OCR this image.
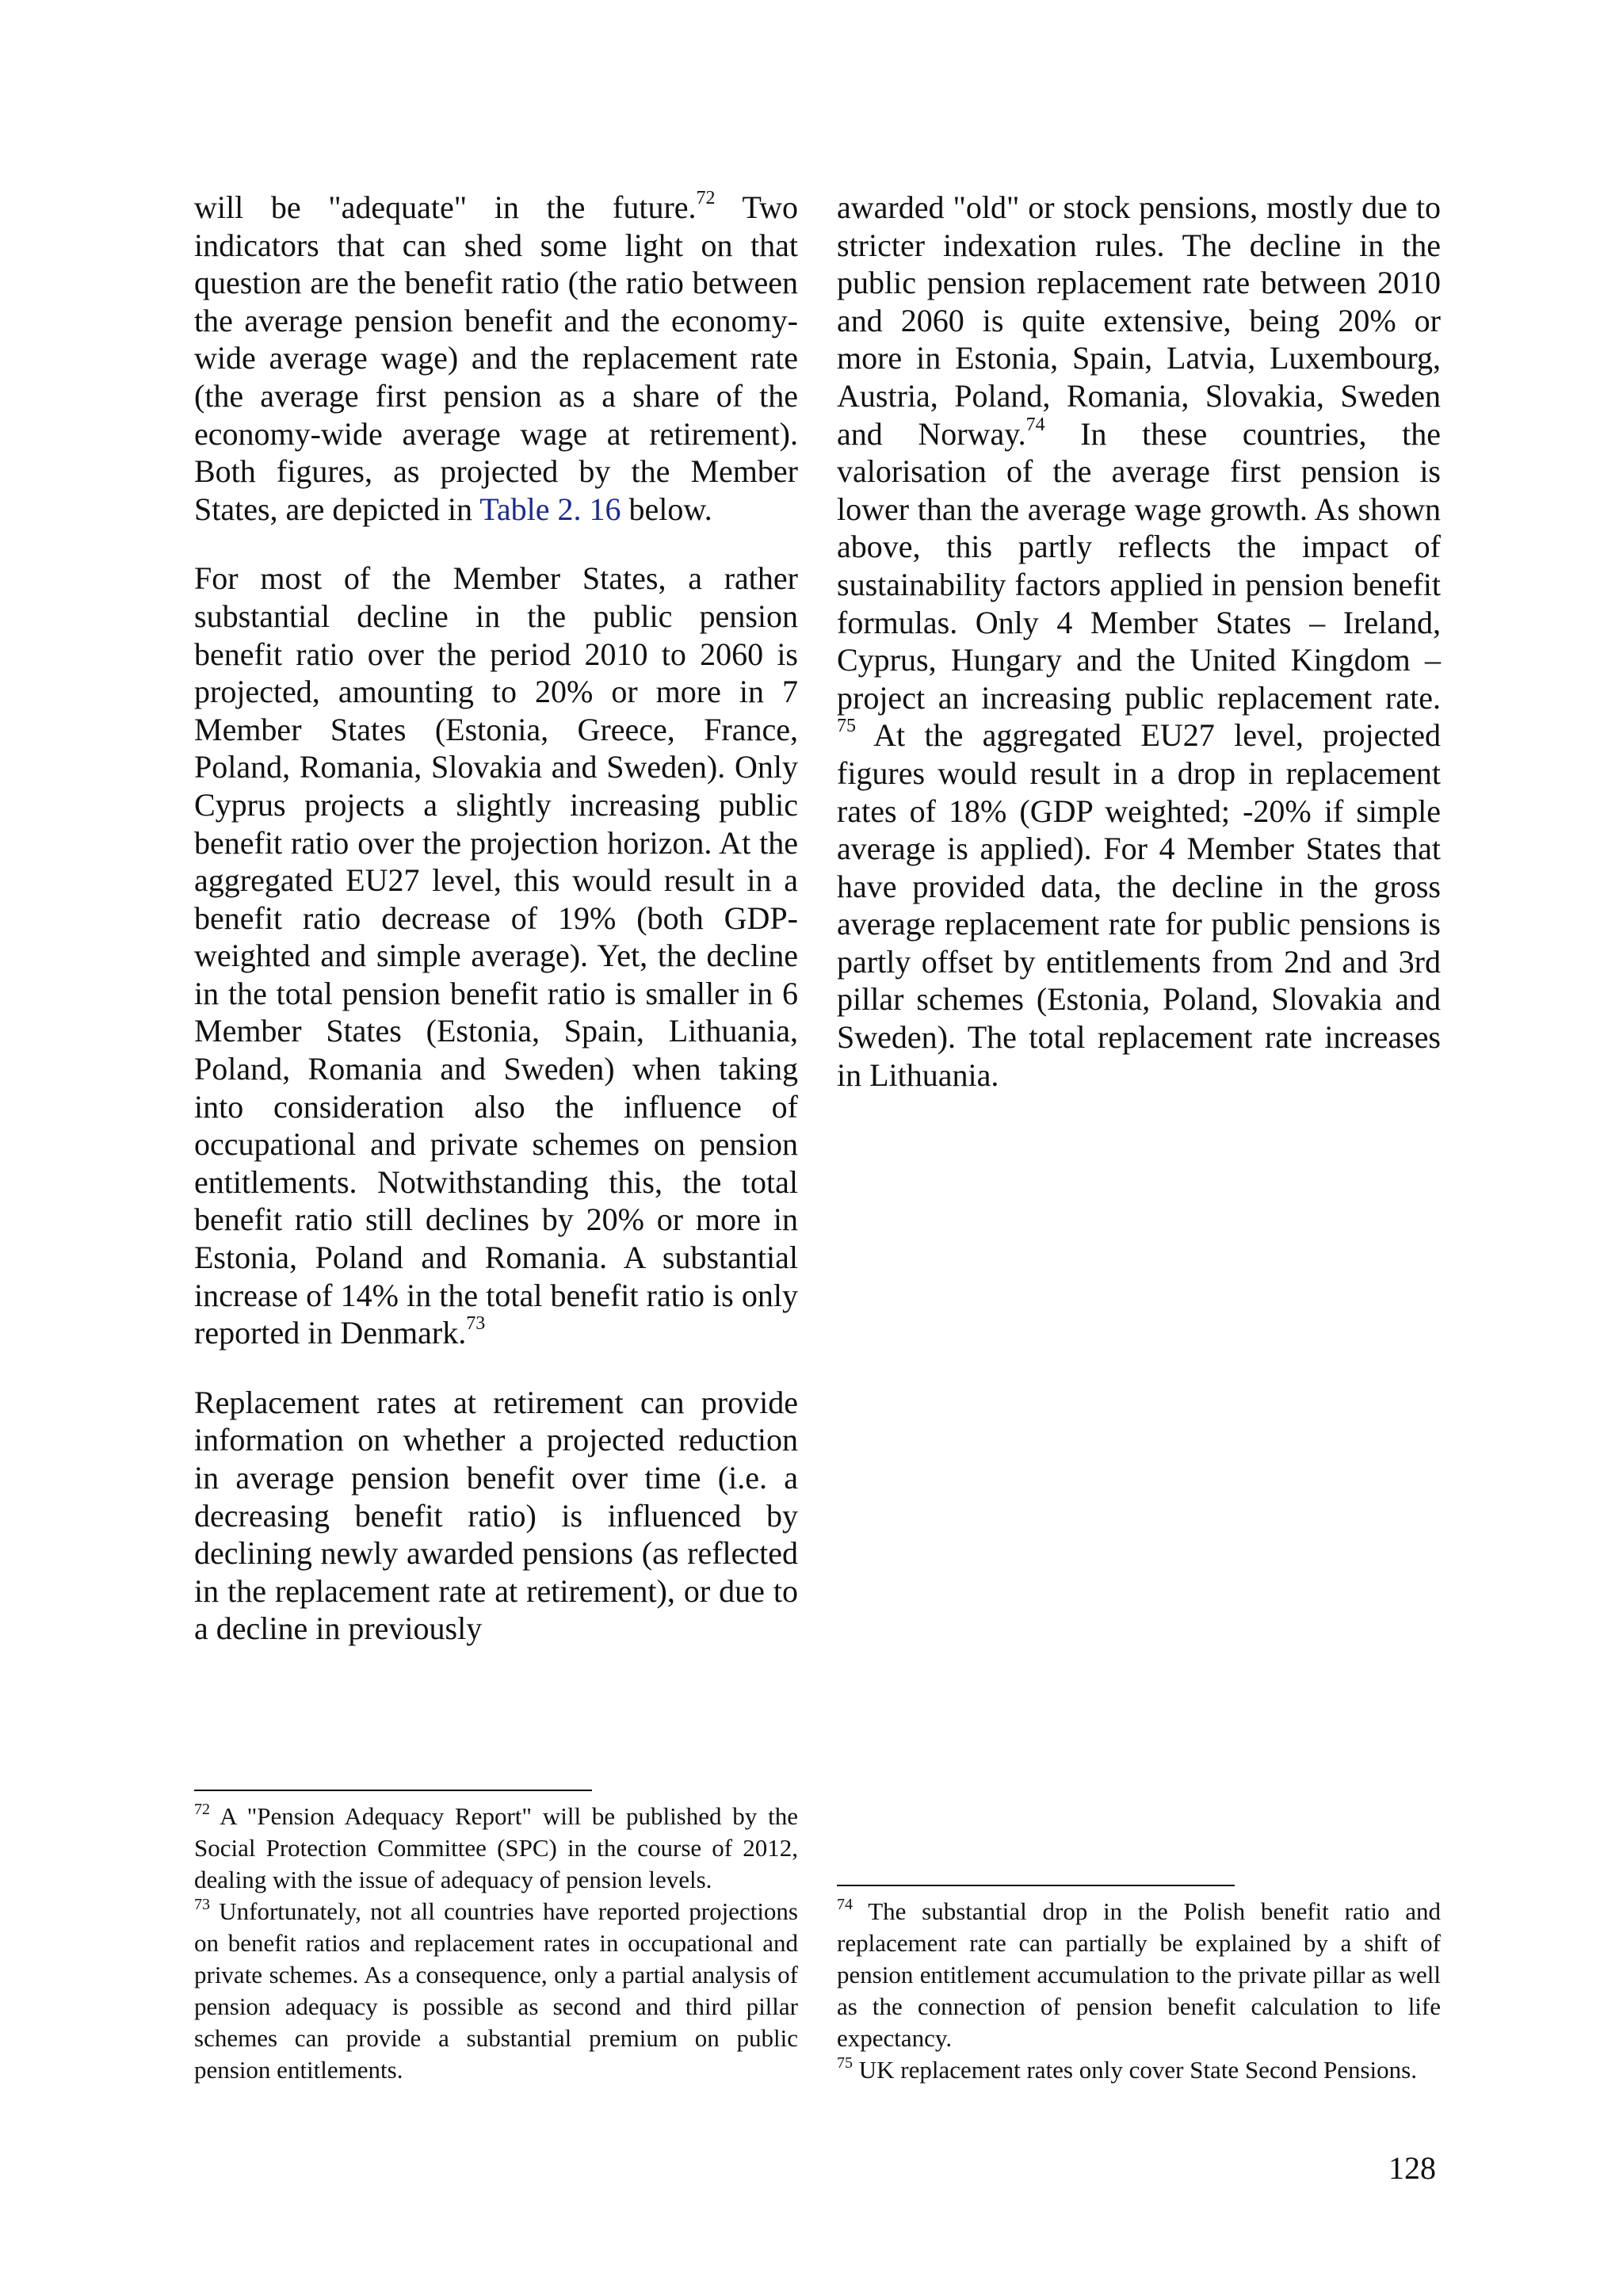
will be "adequate" in the future.$^{72}$ Two indicators that can shed some light on that question are the benefit ratio (the ratio between the average pension benefit and the economy-wide average wage) and the replacement rate (the average first pension as a share of the economy-wide average wage at retirement). Both figures, as projected by the Member States, are depicted in Table 2. 16 below.

For most of the Member States, a rather substantial decline in the public pension benefit ratio over the period 2010 to 2060 is projected, amounting to 20% or more in 7 Member States (Estonia, Greece, France, Poland, Romania, Slovakia and Sweden). Only Cyprus projects a slightly increasing public benefit ratio over the projection horizon. At the aggregated EU27 level, this would result in a benefit ratio decrease of 19% (both GDP-weighted and simple average). Yet, the decline in the total pension benefit ratio is smaller in 6 Member States (Estonia, Spain, Lithuania, Poland, Romania and Sweden) when taking into consideration also the influence of occupational and private schemes on pension entitlements. Notwithstanding this, the total benefit ratio still declines by 20% or more in Estonia, Poland and Romania. A substantial increase of 14% in the total benefit ratio is only reported in Denmark.$^{73}$

Replacement rates at retirement can provide information on whether a projected reduction in average pension benefit over time (i.e. a decreasing benefit ratio) is influenced by declining newly awarded pensions (as reflected in the replacement rate at retirement), or due to a decline in previously

awarded "old" or stock pensions, mostly due to stricter indexation rules. The decline in the public pension replacement rate between 2010 and 2060 is quite extensive, being 20% or more in Estonia, Spain, Latvia, Luxembourg, Austria, Poland, Romania, Slovakia, Sweden and Norway.$^{74}$ In these countries, the valorisation of the average first pension is lower than the average wage growth. As shown above, this partly reflects the impact of sustainability factors applied in pension benefit formulas. Only 4 Member States – Ireland, Cyprus, Hungary and the United Kingdom – project an increasing public replacement rate. $^{75}$ At the aggregated EU27 level, projected figures would result in a drop in replacement rates of 18% (GDP weighted; -20% if simple average is applied). For 4 Member States that have provided data, the decline in the gross average replacement rate for public pensions is partly offset by entitlements from 2nd and 3rd pillar schemes (Estonia, Poland, Slovakia and Sweden). The total replacement rate increases in Lithuania.

$^{72}$ A "Pension Adequacy Report" will be published by the Social Protection Committee (SPC) in the course of 2012, dealing with the issue of adequacy of pension levels.

$^{73}$ Unfortunately, not all countries have reported projections on benefit ratios and replacement rates in occupational and private schemes. As a consequence, only a partial analysis of pension adequacy is possible as second and third pillar schemes can provide a substantial premium on public pension entitlements.

$^{74}$ The substantial drop in the Polish benefit ratio and replacement rate can partially be explained by a shift of pension entitlement accumulation to the private pillar as well as the connection of pension benefit calculation to life expectancy.

$^{75}$ UK replacement rates only cover State Second Pensions.

128
